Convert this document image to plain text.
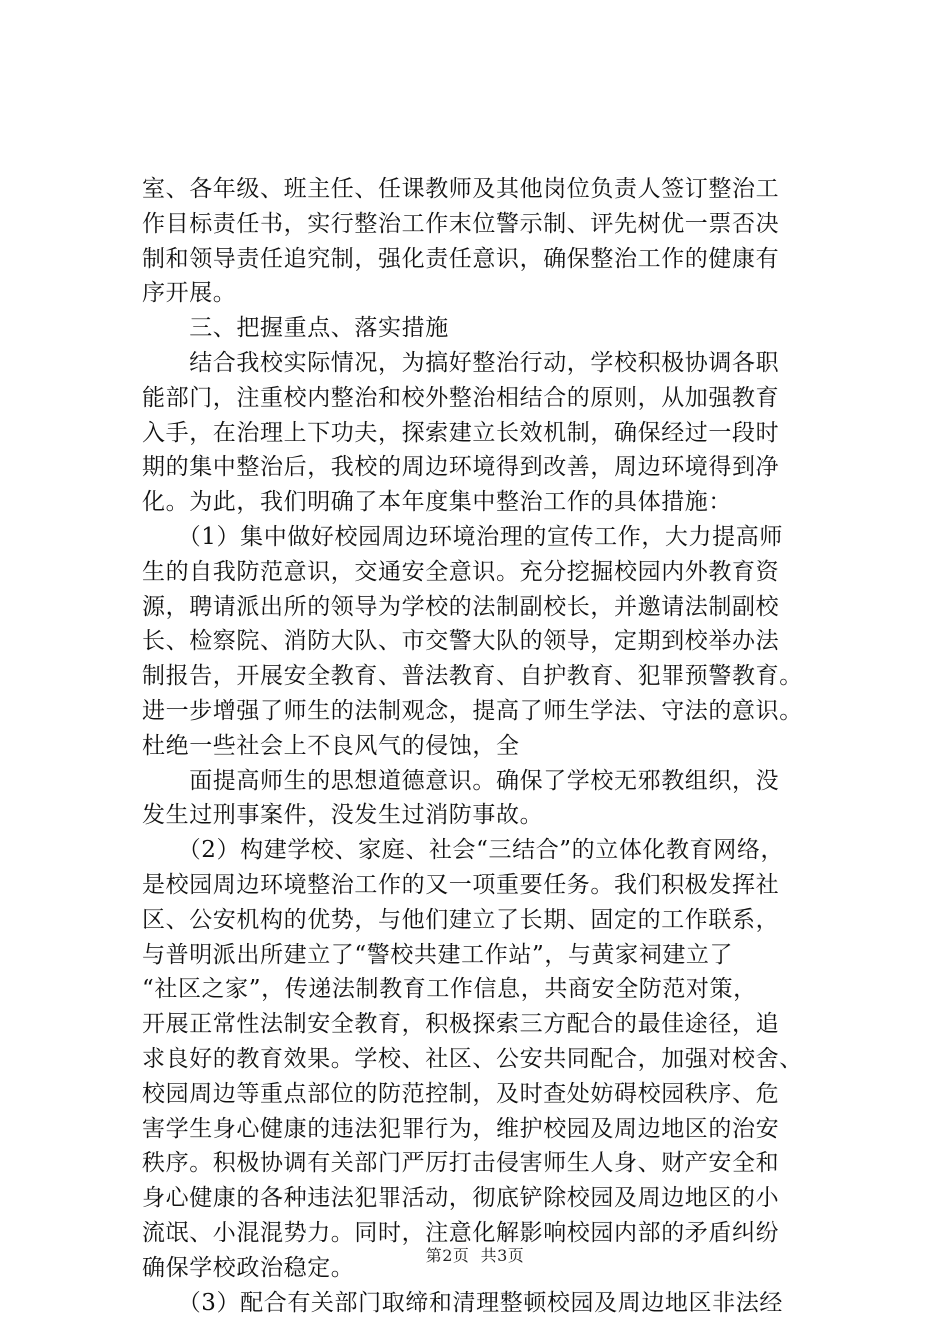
室、各年级、班主任、任课教师及其他岗位负责人签订整治工
作目标责任书，实行整治工作末位警示制、评先树优一票否决
制和领导责任追究制，强化责任意识，确保整治工作的健康有
序开展。
　　三、把握重点、落实措施
　　结合我校实际情况，为搞好整治行动，学校积极协调各职
能部门，注重校内整治和校外整治相结合的原则，从加强教育
入手，在治理上下功夫，探索建立长效机制，确保经过一段时
期的集中整治后，我校的周边环境得到改善，周边环境得到净
化。为此，我们明确了本年度集中整治工作的具体措施：
　　（1）集中做好校园周边环境治理的宣传工作，大力提高师
生的自我防范意识，交通安全意识。充分挖掘校园内外教育资
源，聘请派出所的领导为学校的法制副校长，并邀请法制副校
长、检察院、消防大队、市交警大队的领导，定期到校举办法
制报告，开展安全教育、普法教育、自护教育、犯罪预警教育。
进一步增强了师生的法制观念，提高了师生学法、守法的意识。
杜绝一些社会上不良风气的侵蚀，全
　　面提高师生的思想道德意识。确保了学校无邪教组织，没
发生过刑事案件，没发生过消防事故。
　　（2）构建学校、家庭、社会“三结合”的立体化教育网络，
是校园周边环境整治工作的又一项重要任务。我们积极发挥社
区、公安机构的优势，与他们建立了长期、固定的工作联系，
与普明派出所建立了“警校共建工作站”，与黄家祠建立了
“社区之家”，传递法制教育工作信息，共商安全防范对策，
开展正常性法制安全教育，积极探索三方配合的最佳途径，追
求良好的教育效果。学校、社区、公安共同配合，加强对校舍、
校园周边等重点部位的防范控制，及时查处妨碍校园秩序、危
害学生身心健康的违法犯罪行为，维护校园及周边地区的治安
秩序。积极协调有关部门严厉打击侵害师生人身、财产安全和
身心健康的各种违法犯罪活动，彻底铲除校园及周边地区的小
流氓、小混混势力。同时，注意化解影响校园内部的矛盾纠纷
确保学校政治稳定。
　　（3）配合有关部门取缔和清理整顿校园及周边地区非法经
第2页  共3页
